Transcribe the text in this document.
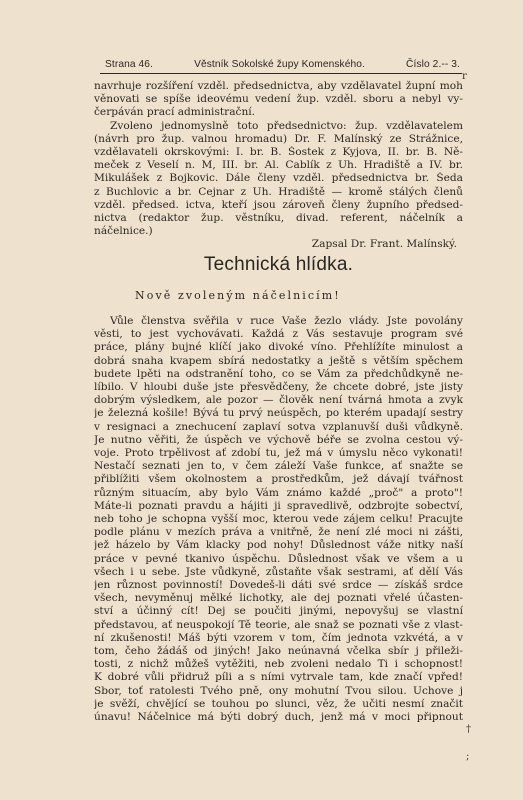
Strana 46.	Věstník Sokolské župy Komenského.	Číslo 2.-- 3.
r
navrhuje rozšíření vzděl. předsednictva, aby vzdělavatel župní moh
věnovati se spíše ideovému vedení žup. vzděl. sboru a nebyl vy-
čerpáván prací administrační.
Zvoleno jednomyslně toto předsednictvo: žup. vzdělavatelem
(návrh pro žup. valnou hromadu) Dr. F. Malínský ze Strážnice,
vzdělavateli okrskovými: I. br. B. Šostek z Kyjova, II. br. B. Ně-
meček z Veselí n. M, III. br. Al. Cablík z Uh. Hradiště a IV. br.
Mikulášek z Bojkovic. Dále členy vzděl. předsednictva br. Šeda
z Buchlovic a br. Cejnar z Uh. Hradiště — kromě stálých členů
vzděl. předsed. ictva, kteří jsou zároveň členy župního předsed-
nictva (redaktor žup. věstníku, divad. referent, náčelník a náčelnice.)
Zapsal Dr. Frant. Malínský.
Technická hlídka.
Nově zvoleným náčelnicím!
Vůle členstva svěřila v ruce Vaše žezlo vlády. Jste povolány
věsti, to jest vychovávati. Každá z Vás sestavuje program své
práce, plány bujné klíčí jako divoké víno. Přehlížíte minulost a
dobrá snaha kvapem sbírá nedostatky a ještě s větším spěchem
budete lpěti na odstranění toho, co se Vám za předchůdkyně ne-
líbilo. V hloubi duše jste přesvědčeny, že chcete dobré, jste jisty
dobrým výsledkem, ale pozor — člověk není tvárná hmota a zvyk
je železná košile! Bývá tu prvý neúspěch, po kterém upadají sestry
v resignaci a znechucení zaplaví sotva vzplanuvší duši vůdkyně.
Je nutno věřiti, že úspěch ve výchově béře se zvolna cestou vý-
voje. Proto trpělivost ať zdobí tu, jež má v úmyslu něco vykonati!
Nestačí seznati jen to, v čem záleží Vaše funkce, ať snažte se
přiblížiti všem okolnostem a prostředkům, jež dávají tvářnost
různým situacím, aby bylo Vám známo každé „proč" a proto"!
Máte-li poznati pravdu a hájiti ji spravedlivě, odzbrojte sobectví,
neb toho je schopna vyšší moc, kterou vede zájem celku! Pracujte
podle plánu v mezích práva a vnitřně, že není zlé moci ni zášti,
jež házelo by Vám klacky pod nohy! Důslednost váže nitky naší
práce v pevné tkanivo úspěchu. Důslednost však ve všem a u
všech i u sebe. Jste vůdkyně, zůstaňte však sestrami, ať dělí Vás
jen různost povinností! Dovedeš-li dáti své srdce — získáš srdce
všech, nevyměnuj mělké lichotky, ale dej poznati vřelé účasten-
ství a účinný cít! Dej se poučiti jinými, nepovyšuj se vlastní
představou, ať neuspokojí Tě teorie, ale snaž se poznati vše z vlast-
ní zkušenosti! Máš býti vzorem v tom, čím jednota vzkvétá, a v
tom, čeho žádáš od jiných! Jako neúnavná včelka sbír j přileži-
tosti, z nichž můžeš vytěžiti, neb zvoleni nedalo Ti i schopnost!
K dobré vůli přidruž píli a s ními vytrvale tam, kde značí vpřed!
Sbor, toť ratolesti Tvého pně, ony mohutní Tvou silou. Uchove j
je svěží, chvějící se touhou po slunci, věz, že učiti nesmí značit
únavu! Náčelnice má býti dobrý duch, jenž má v moci připnout
†
;
